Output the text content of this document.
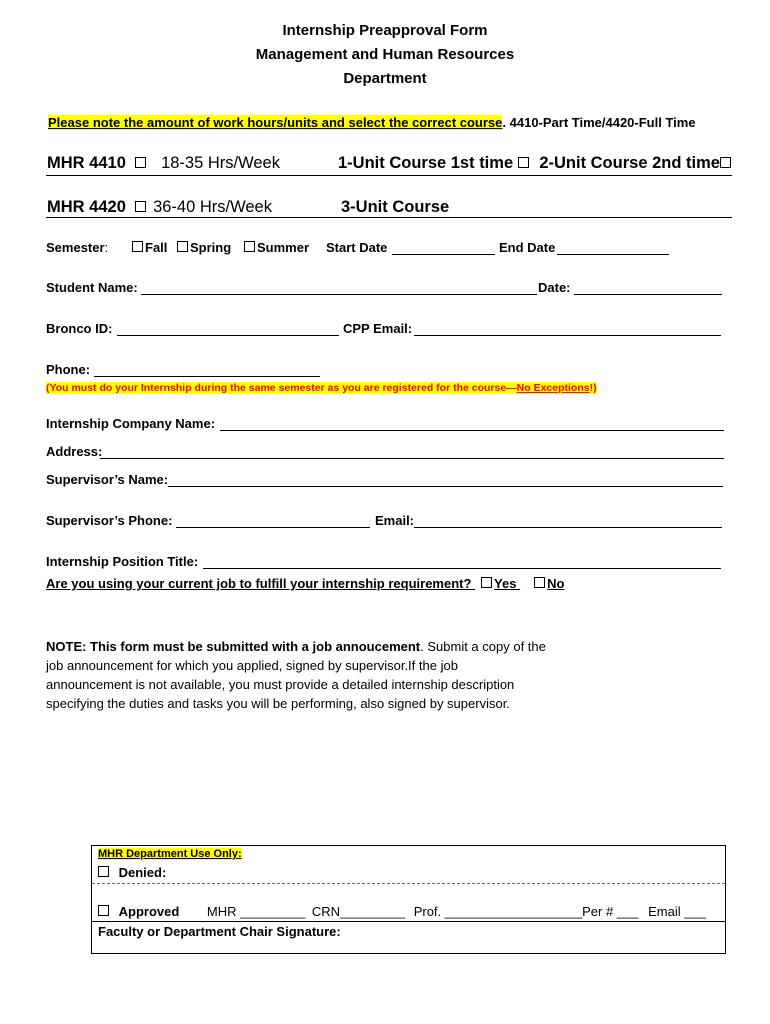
Internship Preapproval Form
Management and Human Resources
Department
Please note the amount of work hours/units and select the correct course. 4410-Part Time/4420-Full Time
MHR 4410 18-35 Hrs/Week	1-Unit Course 1st time 2-Unit Course 2nd time
MHR 4420 36-40 Hrs/Week	3-Unit Course
Semester:	Fall	Spring	Summer Start Date	End Date
Student Name:	Date:
Bronco ID:	CPP Email:
Phone:
(You must do your Internship during the same semester as you are registered for the course—No Exceptions!)
Internship Company Name:
Address:
Supervisor’s Name:
Supervisor’s Phone:	Email:
Internship Position Title:
Are you using your current job to fulfill your internship requirement? Yes No
NOTE: This form must be submitted with a job annoucement. Submit a copy of the job announcement for which you applied, signed by supervisor.If the job announcement is not available, you must provide a detailed internship description specifying the duties and tasks you will be performing, also signed by supervisor.
MHR Department Use Only:
Denied:
Approved MHR _________ CRN_________ Prof. ___________________Per # ___ Email ___
Faculty or Department Chair Signature:
